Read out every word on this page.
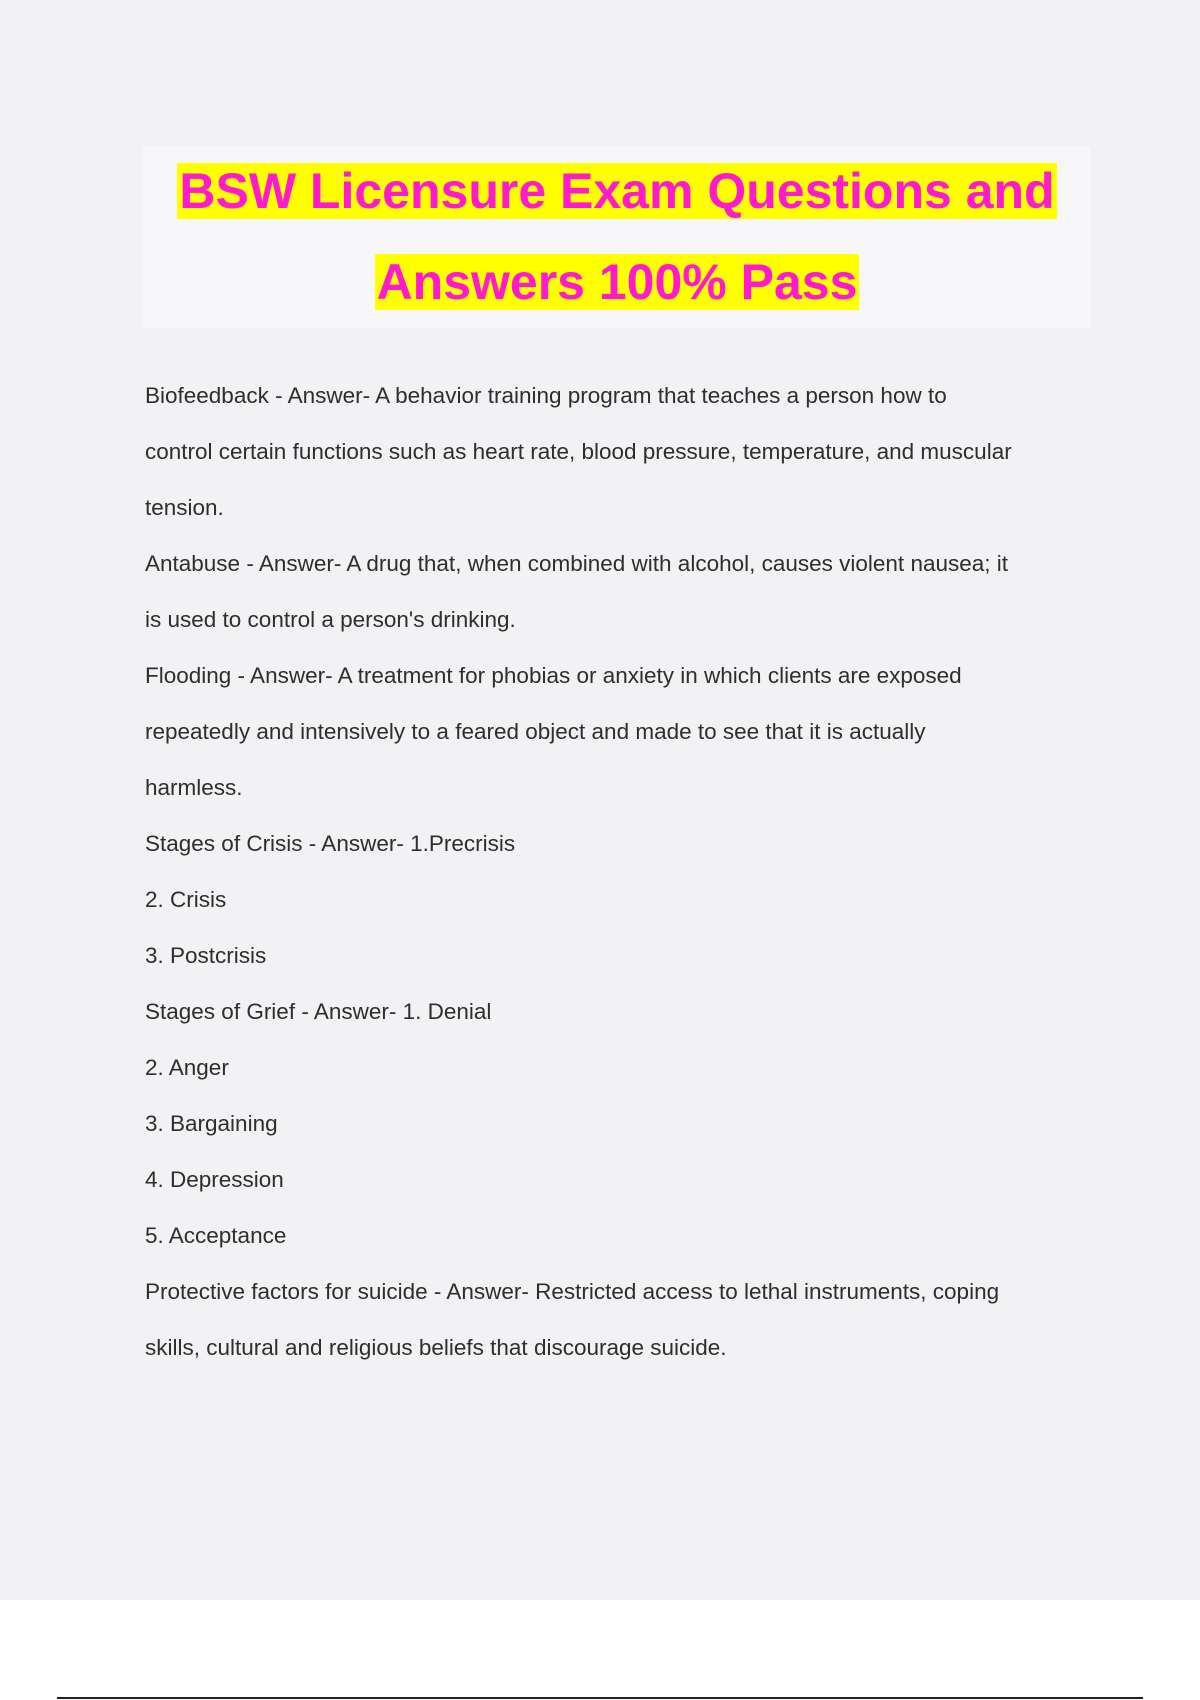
BSW Licensure Exam Questions and
Answers 100% Pass
Biofeedback - Answer- A behavior training program that teaches a person how to
control certain functions such as heart rate, blood pressure, temperature, and muscular
tension.
Antabuse - Answer- A drug that, when combined with alcohol, causes violent nausea; it
is used to control a person's drinking.
Flooding - Answer- A treatment for phobias or anxiety in which clients are exposed
repeatedly and intensively to a feared object and made to see that it is actually
harmless.
Stages of Crisis - Answer- 1.Precrisis
2. Crisis
3. Postcrisis
Stages of Grief - Answer- 1. Denial
2. Anger
3. Bargaining
4. Depression
5. Acceptance
Protective factors for suicide - Answer- Restricted access to lethal instruments, coping
skills, cultural and religious beliefs that discourage suicide.
